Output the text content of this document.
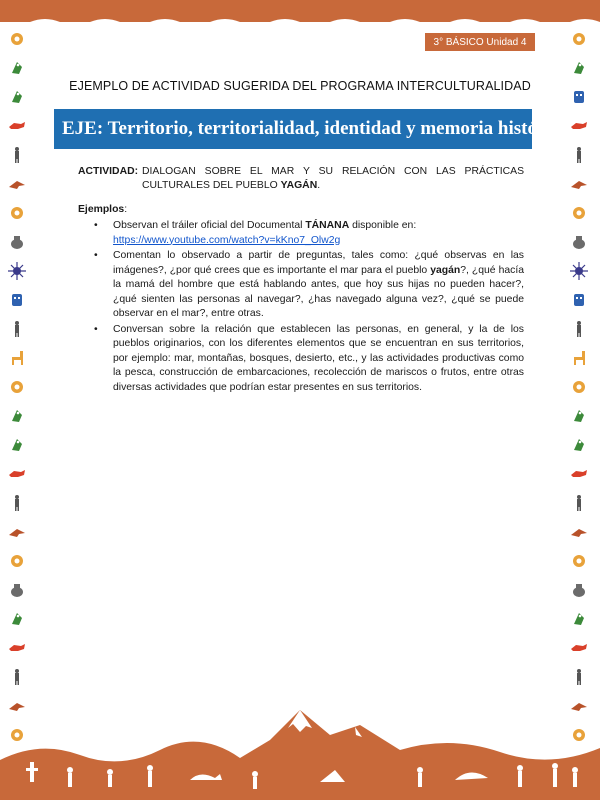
3° BÁSICO Unidad 4
EJEMPLO DE ACTIVIDAD SUGERIDA DEL PROGRAMA INTERCULTURALIDAD
EJE: Territorio, territorialidad, identidad y memoria histórica.
ACTIVIDAD: DIALOGAN SOBRE EL MAR Y SU RELACIÓN CON LAS PRÁCTICAS CULTURALES DEL PUEBLO YAGÁN.
Ejemplos:
• Observan el tráiler oficial del Documental TÁNANA disponible en:
https://www.youtube.com/watch?v=kKno7_Olw2g
• Comentan lo observado a partir de preguntas, tales como: ¿qué observas en las imágenes?, ¿por qué crees que es importante el mar para el pueblo yagán?, ¿qué hacía la mamá del hombre que está hablando antes, que hoy sus hijas no pueden hacer?, ¿qué sienten las personas al navegar?, ¿has navegado alguna vez?, ¿qué se puede observar en el mar?, entre otras.
• Conversan sobre la relación que establecen las personas, en general, y la de los pueblos originarios, con los diferentes elementos que se encuentran en sus territorios, por ejemplo: mar, montañas, bosques, desierto, etc., y las actividades productivas como la pesca, construcción de embarcaciones, recolección de mariscos o frutos, entre otras diversas actividades que podrían estar presentes en sus territorios.
